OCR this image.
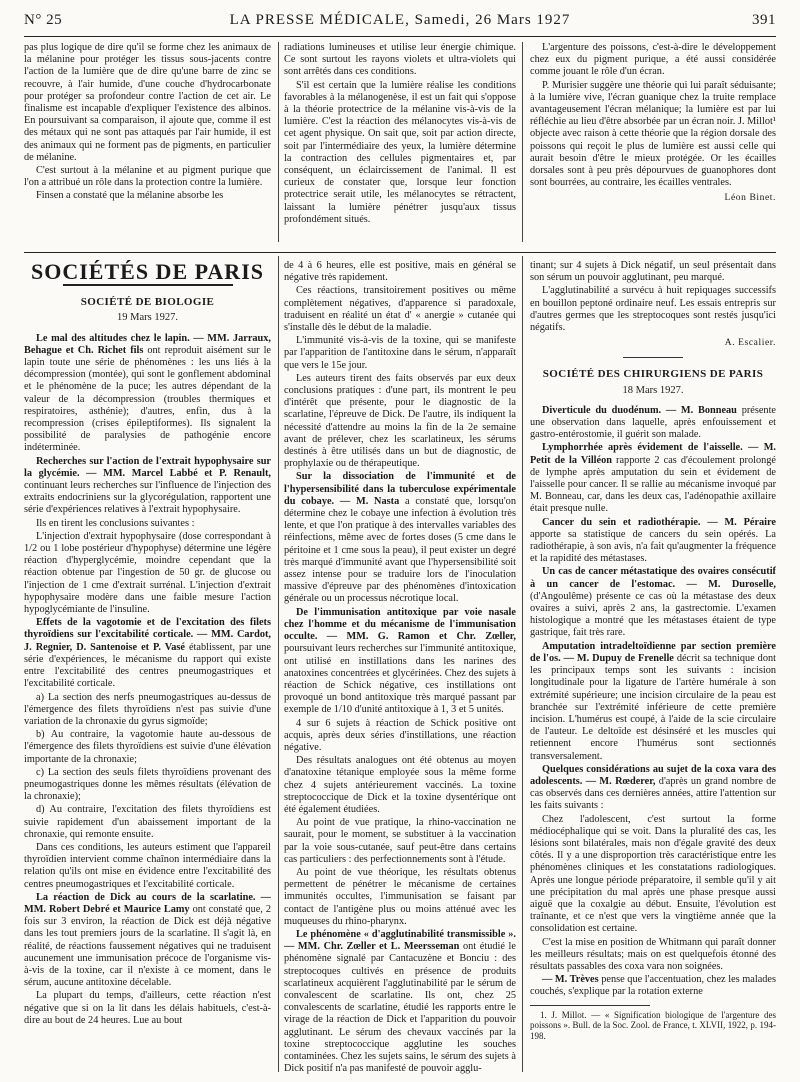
N° 25	LA PRESSE MÉDICALE, Samedi, 26 Mars 1927	391

pas plus logique de dire qu'il se forme chez les animaux de la mélanine pour protéger les tissus sous-jacents contre l'action de la lumière que de dire qu'une barre de zinc se recouvre, à l'air humide, d'une couche d'hydrocarbonate pour protéger sa profondeur contre l'action de cet air. Le finalisme est incapable d'expliquer l'existence des albinos. En poursuivant sa comparaison, il ajoute que, comme il est des métaux qui ne sont pas attaqués par l'air humide, il est des animaux qui ne forment pas de pigments, en particulier de mélanine.

C'est surtout à la mélanine et au pigment purique que l'on a attribué un rôle dans la protection contre la lumière.

Finsen a constaté que la mélanine absorbe les

radiations lumineuses et utilise leur énergie chimique. Ce sont surtout les rayons violets et ultra-violets qui sont arrêtés dans ces conditions.

S'il est certain que la lumière réalise les conditions favorables à la mélanogenèse, il est un fait qui s'oppose à la théorie protectrice de la mélanine vis-à-vis de la lumière. C'est la réaction des mélanocytes vis-à-vis de cet agent physique. On sait que, soit par action directe, soit par l'intermédiaire des yeux, la lumière détermine la contraction des cellules pigmentaires et, par conséquent, un éclaircissement de l'animal. Il est curieux de constater que, lorsque leur fonction protectrice serait utile, les mélanocytes se rétractent, laissant la lumière pénétrer jusqu'aux tissus profondément situés.

L'argenture des poissons, c'est-à-dire le développement chez eux du pigment purique, a été aussi considérée comme jouant le rôle d'un écran.

P. Murisier suggère une théorie qui lui paraît séduisante; à la lumière vive, l'écran guanique chez la truite remplace avantageusement l'écran mélanique; la lumière est par lui réfléchie au lieu d'être absorbée par un écran noir. J. Millot¹ objecte avec raison à cette théorie que la région dorsale des poissons qui reçoit le plus de lumière est aussi celle qui aurait besoin d'être le mieux protégée. Or les écailles dorsales sont à peu près dépourvues de guanophores dont sont bourrées, au contraire, les écailles ventrales.

Léon Binet.
SOCIÉTÉS DE PARIS
SOCIÉTÉ DE BIOLOGIE
19 Mars 1927.

Le mal des altitudes chez le lapin. — MM. Jarraux, Behague et Ch. Richet fils ont reproduit aisément sur le lapin toute une série de phénomènes : les uns liés à la décompression (montée), qui sont le gonflement abdominal et le phénomène de la puce; les autres dépendant de la valeur de la décompression (troubles thermiques et respiratoires, asthénie); d'autres, enfin, dus à la recompression (crises épileptiformes). Ils signalent la possibilité de paralysies de pathogénie encore indéterminée.

Recherches sur l'action de l'extrait hypophysaire sur la glycémie. — MM. Marcel Labbé et P. Renault, continuant leurs recherches sur l'influence de l'injection des extraits endocriniens sur la glycorégulation, rapportent une série d'expériences relatives à l'extrait hypophysaire.

Ils en tirent les conclusions suivantes :

L'injection d'extrait hypophysaire (dose correspondant à 1/2 ou 1 lobe postérieur d'hypophyse) détermine une légère réaction d'hyperglycémie, moindre cependant que la réaction obtenue par l'ingestion de 50 gr. de glucose ou l'injection de 1 cme d'extrait surrénal. L'injection d'extrait hypophysaire modère dans une faible mesure l'action hypoglycémiante de l'insuline.

Effets de la vagotomie et de l'excitation des filets thyroïdiens sur l'excitabilité corticale. — MM. Cardot, J. Regnier, D. Santenoise et P. Vasé établissent, par une série d'expériences, le mécanisme du rapport qui existe entre l'excitabilité des centres pneumogastriques et l'excitabilité corticale.

a) La section des nerfs pneumogastriques au-dessus de l'émergence des filets thyroïdiens n'est pas suivie d'une variation de la chronaxie du gyrus sigmoïde;

b) Au contraire, la vagotomie haute au-dessous de l'émergence des filets thyroïdiens est suivie d'une élévation importante de la chronaxie;

c) La section des seuls filets thyroïdiens provenant des pneumogastriques donne les mêmes résultats (élévation de la chronaxie);

d) Au contraire, l'excitation des filets thyroïdiens est suivie rapidement d'un abaissement important de la chronaxie, qui remonte ensuite.

Dans ces conditions, les auteurs estiment que l'appareil thyroïdien intervient comme chaînon intermédiaire dans la relation qu'ils ont mise en évidence entre l'excitabilité des centres pneumogastriques et l'excitabilité corticale.

La réaction de Dick au cours de la scarlatine. — MM. Robert Debré et Maurice Lamy ont constaté que, 2 fois sur 3 environ, la réaction de Dick est déjà négative dans les tout premiers jours de la scarlatine. Il s'agit là, en réalité, de réactions faussement négatives qui ne traduisent aucunement une immunisation précoce de l'organisme vis-à-vis de la toxine, car il n'existe à ce moment, dans le sérum, aucune antitoxine décelable.

La plupart du temps, d'ailleurs, cette réaction n'est négative que si on la lit dans les délais habituels, c'est-à-dire au bout de 24 heures. Lue au bout

de 4 à 6 heures, elle est positive, mais en général se négative très rapidement.

Ces réactions, transitoirement positives ou même complètement négatives, d'apparence si paradoxale, traduisent en réalité un état d' « anergie » cutanée qui s'installe dès le début de la maladie.

L'immunité vis-à-vis de la toxine, qui se manifeste par l'apparition de l'antitoxine dans le sérum, n'apparaît que vers le 15e jour.

Les auteurs tirent des faits observés par eux deux conclusions pratiques : d'une part, ils montrent le peu d'intérêt que présente, pour le diagnostic de la scarlatine, l'épreuve de Dick. De l'autre, ils indiquent la nécessité d'attendre au moins la fin de la 2e semaine avant de prélever, chez les scarlatineux, les sérums destinés à être utilisés dans un but de diagnostic, de prophylaxie ou de thérapeutique.

Sur la dissociation de l'immunité et de l'hypersensibilité dans la tuberculose expérimentale du cobaye. — M. Nasta a constaté que, lorsqu'on détermine chez le cobaye une infection à évolution très lente, et que l'on pratique à des intervalles variables des réinfections, même avec de fortes doses (5 cme dans le péritoine et 1 cme sous la peau), il peut exister un degré très marqué d'immunité avant que l'hypersensibilité soit assez intense pour se traduire lors de l'inoculation massive d'épreuve par des phénomènes d'intoxication générale ou un processus nécrotique local.

De l'immunisation antitoxique par voie nasale chez l'homme et du mécanisme de l'immunisation occulte. — MM. G. Ramon et Chr. Zœller, poursuivant leurs recherches sur l'immunité antitoxique, ont utilisé en instillations dans les narines des anatoxines concentrées et glycérinées. Chez des sujets à réaction de Schick négative, ces instillations ont provoqué un bond antitoxique très marqué passant par exemple de 1/10 d'unité antitoxique à 1, 3 et 5 unités.

4 sur 6 sujets à réaction de Schick positive ont acquis, après deux séries d'instillations, une réaction négative.

Des résultats analogues ont été obtenus au moyen d'anatoxine tétanique employée sous la même forme chez 4 sujets antérieurement vaccinés. La toxine streptococcique de Dick et la toxine dysentérique ont été également étudiées.

Au point de vue pratique, la rhino-vaccination ne saurait, pour le moment, se substituer à la vaccination par la voie sous-cutanée, sauf peut-être dans certains cas particuliers : des perfectionnements sont à l'étude.

Au point de vue théorique, les résultats obtenus permettent de pénétrer le mécanisme de certaines immunités occultes, l'immunisation se faisant par contact de l'antigène plus ou moins atténué avec les muqueuses du rhino-pharynx.

Le phénomène « d'agglutinabilité transmissible ». — MM. Chr. Zœller et L. Meersseman ont étudié le phénomène signalé par Cantacuzène et Bonciu : des streptocoques cultivés en présence de produits scarlatineux acquièrent l'agglutinabilité par le sérum de convalescent de scarlatine. Ils ont, chez 25 convalescents de scarlatine, étudié les rapports entre le virage de la réaction de Dick et l'apparition du pouvoir agglutinant. Le sérum des chevaux vaccinés par la toxine streptococcique agglutine les souches contaminées. Chez les sujets sains, le sérum des sujets à Dick positif n'a pas manifesté de pouvoir agglu-

tinant; sur 4 sujets à Dick négatif, un seul présentait dans son sérum un pouvoir agglutinant, peu marqué.

L'agglutinabilité a survécu à huit repiquages successifs en bouillon peptoné ordinaire neuf. Les essais entrepris sur d'autres germes que les streptocoques sont restés jusqu'ici négatifs.

A. Escalier.
SOCIÉTÉ DES CHIRURGIENS DE PARIS
18 Mars 1927.

Diverticule du duodénum. — M. Bonneau présente une observation dans laquelle, après enfouissement et gastro-entérostomie, il guérit son malade.

Lymphorrhée après évidement de l'aisselle. — M. Petit de la Villéon rapporte 2 cas d'écoulement prolongé de lymphe après amputation du sein et évidement de l'aisselle pour cancer. Il se rallie au mécanisme invoqué par M. Bonneau, car, dans les deux cas, l'adénopathie axillaire était presque nulle.

Cancer du sein et radiothérapie. — M. Péraire apporte sa statistique de cancers du sein opérés. La radiothérapie, à son avis, n'a fait qu'augmenter la fréquence et la rapidité des métastases.

Un cas de cancer métastatique des ovaires consécutif à un cancer de l'estomac. — M. Duroselle, (d'Angoulême) présente ce cas où la métastase des deux ovaires a suivi, après 2 ans, la gastrectomie. L'examen histologique a montré que les métastases étaient de type gastrique, fait très rare.

Amputation intradeltoïdienne par section première de l'os. — M. Dupuy de Frenelle décrit sa technique dont les principaux temps sont les suivants : incision longitudinale pour la ligature de l'artère humérale à son extrémité supérieure; une incision circulaire de la peau est branchée sur l'extrémité inférieure de cette première incision. L'humérus est coupé, à l'aide de la scie circulaire de l'auteur. Le deltoïde est désinséré et les muscles qui retiennent encore l'humérus sont sectionnés transversalement.

Quelques considérations au sujet de la coxa vara des adolescents. — M. Rœderer, d'après un grand nombre de cas observés dans ces dernières années, attire l'attention sur les faits suivants :

Chez l'adolescent, c'est surtout la forme médiocéphalique qui se voit. Dans la pluralité des cas, les lésions sont bilatérales, mais non d'égale gravité des deux côtés. Il y a une disproportion très caractéristique entre les phénomènes cliniques et les constatations radiologiques. Après une longue période préparatoire, il semble qu'il y ait une précipitation du mal après une phase presque aussi aiguë que la coxalgie au début. Ensuite, l'évolution est traînante, et ce n'est que vers la vingtième année que la consolidation est certaine.

C'est la mise en position de Whitmann qui paraît donner les meilleurs résultats; mais on est quelquefois étonné des résultats passables des coxa vara non soignées.

— M. Trèves pense que l'accentuation, chez les malades couchés, s'explique par la rotation externe

1. J. Millot. — « Signification biologique de l'argenture des poissons ». Bull. de la Soc. Zool. de France, t. XLVII, 1922, p. 194-198.
